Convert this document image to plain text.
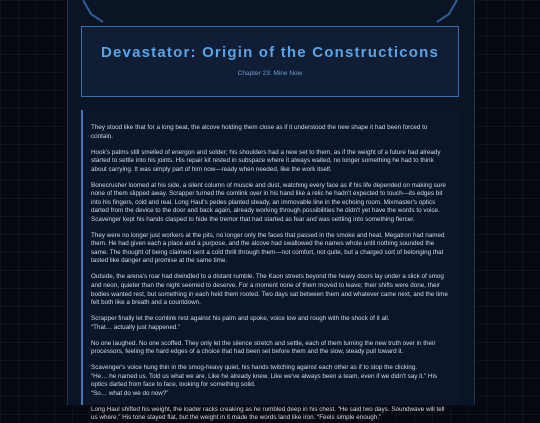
Devastator: Origin of the Constructicons
Chapter 23: Mine Now

They stood like that for a long beat, the alcove holding them close as if it understood the new shape it had been forced to contain.

Hook's palms still smelled of energon and solder; his shoulders had a new set to them, as if the weight of a future had already started to settle into his joints. His repair kit rested in subspace where it always waited, no longer something he had to think about carrying. It was simply part of him now—ready when needed, like the work itself.

Bonecrusher loomed at his side, a silent column of muscle and dust, watching every face as if his life depended on making sure none of them slipped away. Scrapper turned the comlink over in his hand like a relic he hadn't expected to touch—its edges bit into his fingers, cold and real. Long Haul's pedes planted steady, an immovable line in the echoing room. Mixmaster's optics darted from the device to the door and back again, already working through possibilities he didn't yet have the words to voice. Scavenger kept his hands clasped to hide the tremor that had started as fear and was settling into something fiercer.

They were no longer just workers at the pits, no longer only the faces that passed in the smoke and heat. Megatron had named them. He had given each a place and a purpose, and the alcove had swallowed the names whole until nothing sounded the same. The thought of being claimed sent a cold thrill through them—not comfort, not quite, but a charged sort of belonging that tasted like danger and promise at the same time.

Outside, the arena's roar had dwindled to a distant rumble. The Kaon streets beyond the heavy doors lay under a slick of smog and neon, quieter than the night seemed to deserve. For a moment none of them moved to leave; their shifts were done, their bodies wanted rest, but something in each held them rooted. Two days sat between them and whatever came next, and the time felt both like a breath and a countdown.

Scrapper finally let the comlink rest against his palm and spoke, voice low and rough with the shock of it all.
“That… actually just happened.”

No one laughed. No one scoffed. They only let the silence stretch and settle, each of them turning the new truth over in their processors, feeling the hard edges of a choice that had been set before them and the slow, steady pull toward it.

Scavenger's voice hung thin in the smog-heavy quiet, his hands twitching against each other as if to stop the clicking.
“He… he named us. Told us what we are. Like he already knew. Like we've always been a team, even if we didn't say it.” His optics darted from face to face, looking for something solid.
“So… what do we do now?”

Long Haul shifted his weight, the loader racks creaking as he rumbled deep in his chest. “He said two days. Soundwave will tell us where.” His tone stayed flat, but the weight in it made the words land like iron. “Feels simple enough.”
